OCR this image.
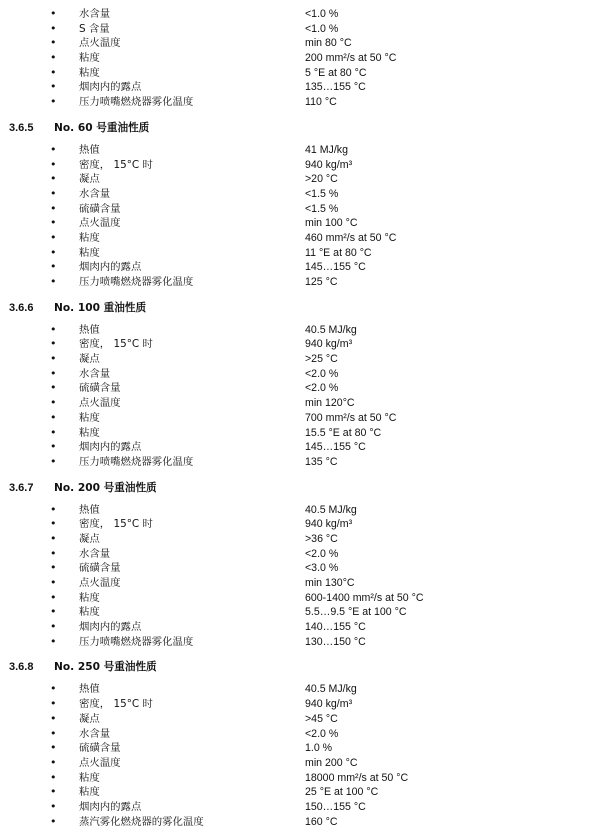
• 水含量	<1.0 %
• S 含量	<1.0 %
• 点火温度	min 80 °C
• 粘度	200 mm²/s at 50 °C
• 粘度	5 °E at 80 °C
• 烟肉内的露点	135…155 °C
• 压力喷嘴燃烧器雾化温度	110 °C
3.6.5 No. 60 号重油性质
• 热值	41 MJ/kg
• 密度， 15°C 时	940 kg/m³
• 凝点	>20 °C
• 水含量	<1.5 %
• 硫磺含量	<1.5 %
• 点火温度	min 100 °C
• 粘度	460 mm²/s at 50 °C
• 粘度	11 °E at 80 °C
• 烟肉内的露点	145…155 °C
• 压力喷嘴燃烧器雾化温度	125 °C
3.6.6 No. 100 重油性质
• 热值	40.5 MJ/kg
• 密度， 15°C 时	940 kg/m³
• 凝点	>25 °C
• 水含量	<2.0 %
• 硫磺含量	<2.0 %
• 点火温度	min 120°C
• 粘度	700 mm²/s at 50 °C
• 粘度	15.5 °E at 80 °C
• 烟肉内的露点	145…155 °C
• 压力喷嘴燃烧器雾化温度	135 °C
3.6.7 No. 200 号重油性质
• 热值	40.5 MJ/kg
• 密度， 15°C 时	940 kg/m³
• 凝点	>36 °C
• 水含量	<2.0 %
• 硫磺含量	<3.0 %
• 点火温度	min 130°C
• 粘度	600-1400 mm²/s at 50 °C
• 粘度	5.5…9.5 °E at 100 °C
• 烟肉内的露点	140…155 °C
• 压力喷嘴燃烧器雾化温度	130…150 °C
3.6.8 No. 250 号重油性质
• 热值	40.5 MJ/kg
• 密度， 15°C 时	940 kg/m³
• 凝点	>45 °C
• 水含量	<2.0 %
• 硫磺含量	1.0 %
• 点火温度	min 200 °C
• 粘度	18000 mm²/s at 50 °C
• 粘度	25 °E at 100 °C
• 烟肉内的露点	150…155 °C
• 蒸汽雾化燃烧器的雾化温度	160 °C
